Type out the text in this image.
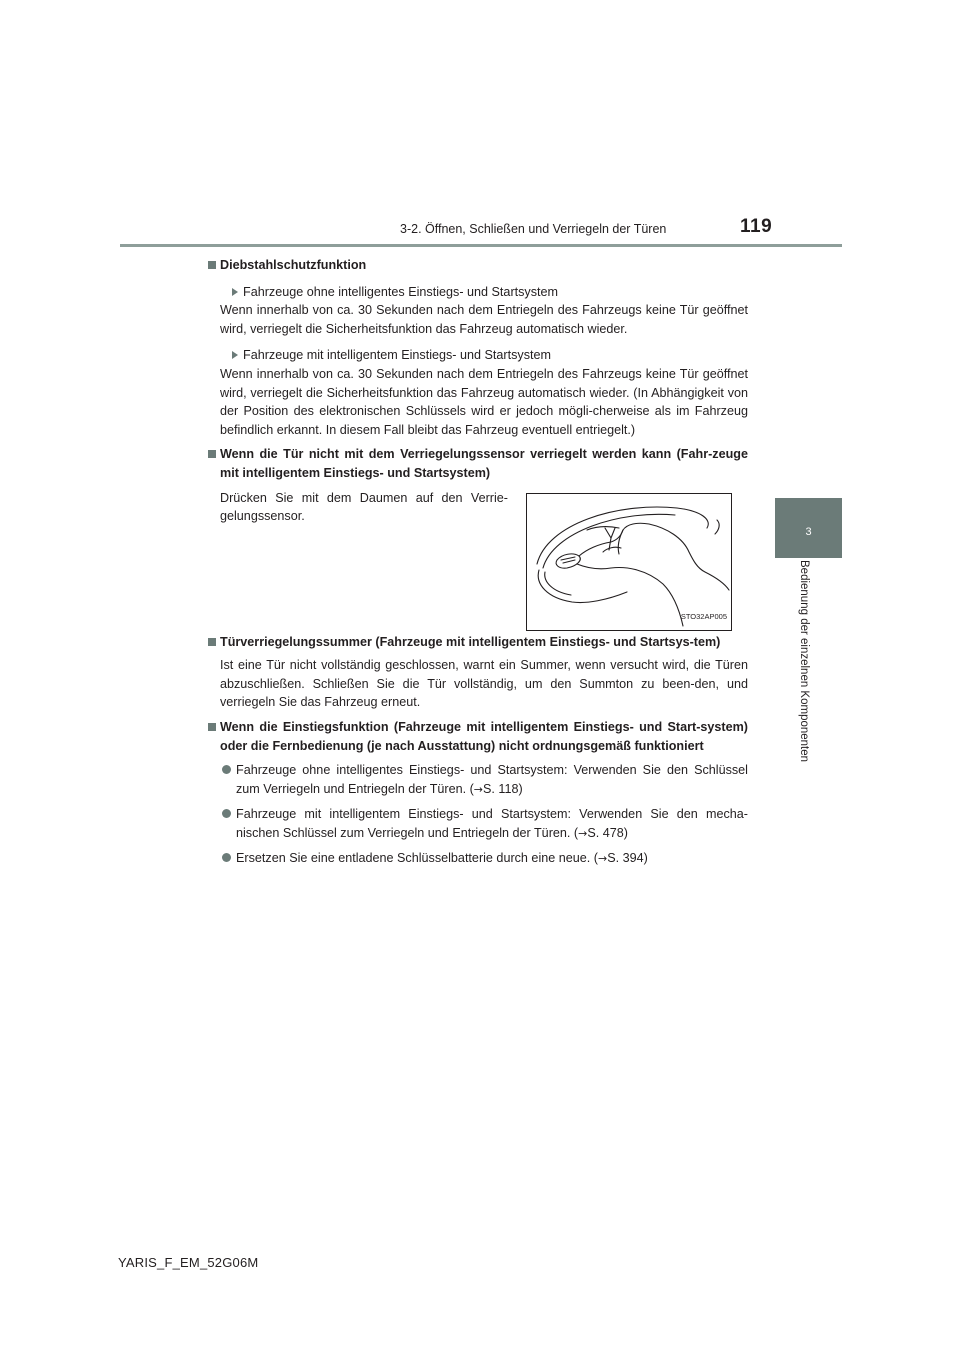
3-2. Öffnen, Schließen und Verriegeln der Türen	119
3
Bedienung der einzelnen Komponenten

Diebstahlschutzfunktion

Fahrzeuge ohne intelligentes Einstiegs- und Startsystem

Wenn innerhalb von ca. 30 Sekunden nach dem Entriegeln des Fahrzeugs keine Tür geöffnet wird, verriegelt die Sicherheitsfunktion das Fahrzeug automatisch wieder.

Fahrzeuge mit intelligentem Einstiegs- und Startsystem

Wenn innerhalb von ca. 30 Sekunden nach dem Entriegeln des Fahrzeugs keine Tür geöffnet wird, verriegelt die Sicherheitsfunktion das Fahrzeug automatisch wieder. (In Abhängigkeit von der Position des elektronischen Schlüssels wird er jedoch mögli-cherweise als im Fahrzeug befindlich erkannt. In diesem Fall bleibt das Fahrzeug eventuell entriegelt.)

Wenn die Tür nicht mit dem Verriegelungssensor verriegelt werden kann (Fahr-zeuge mit intelligentem Einstiegs- und Startsystem)

Drücken Sie mit dem Daumen auf den Verrie-gelungssensor.
STO32AP005

Türverriegelungssummer (Fahrzeuge mit intelligentem Einstiegs- und Startsys-tem)

Ist eine Tür nicht vollständig geschlossen, warnt ein Summer, wenn versucht wird, die Türen abzuschließen. Schließen Sie die Tür vollständig, um den Summton zu been-den, und verriegeln Sie das Fahrzeug erneut.

Wenn die Einstiegsfunktion (Fahrzeuge mit intelligentem Einstiegs- und Start-system) oder die Fernbedienung (je nach Ausstattung) nicht ordnungsgemäß funktioniert

Fahrzeuge ohne intelligentes Einstiegs- und Startsystem: Verwenden Sie den Schlüssel zum Verriegeln und Entriegeln der Türen. (→S. 118)

Fahrzeuge mit intelligentem Einstiegs- und Startsystem: Verwenden Sie den mecha-nischen Schlüssel zum Verriegeln und Entriegeln der Türen. (→S. 478)

Ersetzen Sie eine entladene Schlüsselbatterie durch eine neue. (→S. 394)

YARIS_F_EM_52G06M
